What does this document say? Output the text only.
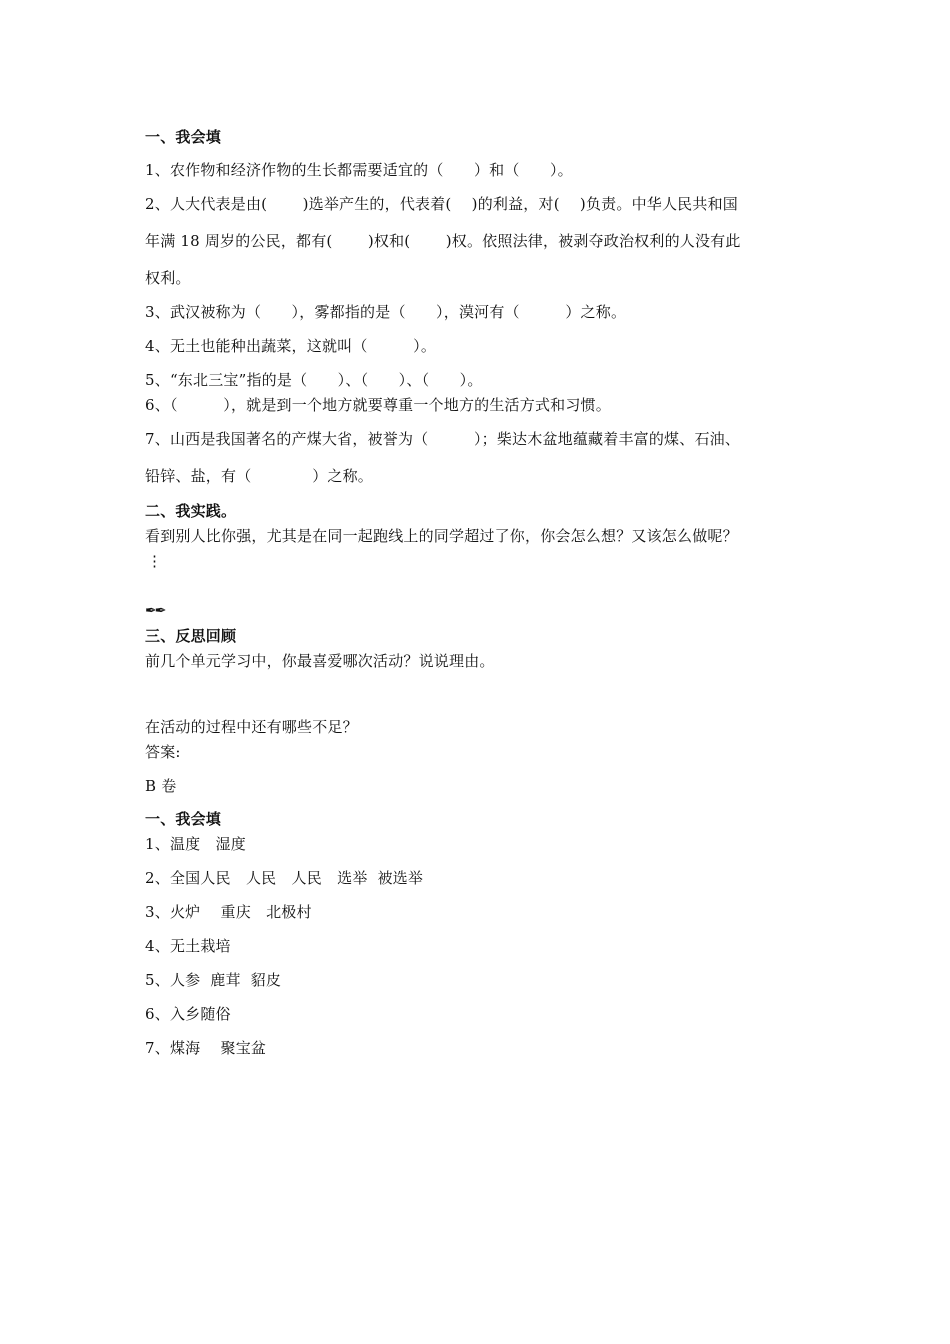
一、我会填
1、农作物和经济作物的生长都需要适宜的（　　）和（　　）。
2、人大代表是由(　　 )选举产生的，代表着(　 )的利益，对(　 )负责。中华人民共和国
年满 18 周岁的公民，都有(　　 )权和(　　 )权。依照法律，被剥夺政治权利的人没有此
权利。
3、武汉被称为（　　），雾都指的是（　　），漠河有（　　　）之称。
4、无土也能种出蔬菜，这就叫（　　　）。
5、“东北三宝”指的是（　　）、（　　）、（　　）。
6、（　　　），就是到一个地方就要尊重一个地方的生活方式和习惯。
7、山西是我国著名的产煤大省，被誉为（　　　）；柴达木盆地蕴藏着丰富的煤、石油、
铅锌、盐，有（　　　　）之称。
二、我实践。
看到别人比你强，尤其是在同一起跑线上的同学超过了你，你会怎么想？又该怎么做呢？
⋮
✒✒
三、反思回顾
前几个单元学习中，你最喜爱哪次活动？说说理由。
在活动的过程中还有哪些不足？
答案:
B 卷
一、我会填
1、温度　湿度
2、全国人民　人民　人民　选举  被选举
3、火炉　 重庆　北极村
4、无土栽培
5、人参  鹿茸  貂皮
6、入乡随俗
7、煤海　 聚宝盆
